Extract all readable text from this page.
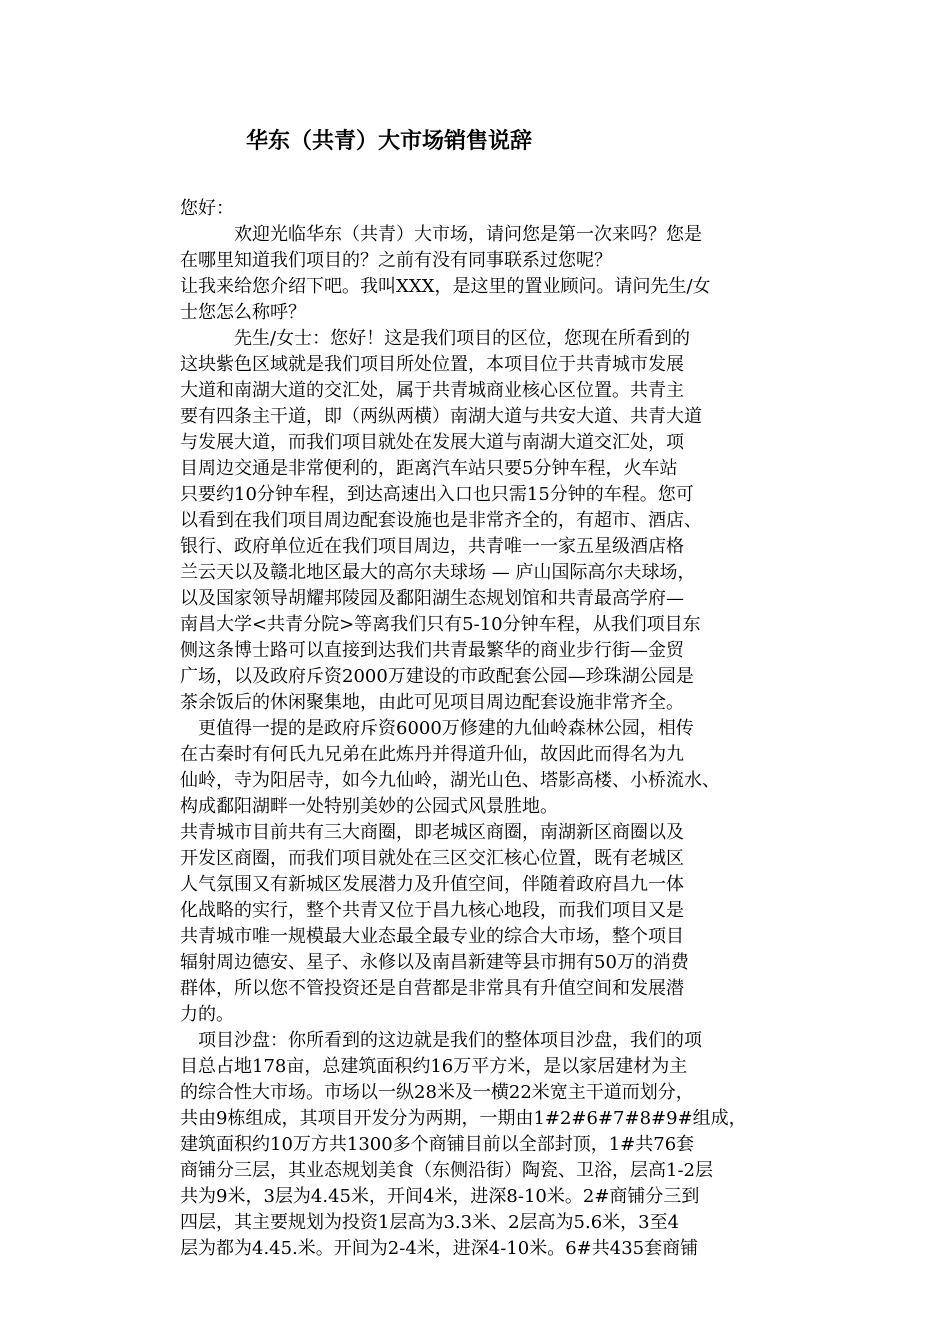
华东（共青）大市场销售说辞
您好：
　　　欢迎光临华东（共青）大市场，请问您是第一次来吗？您是
在哪里知道我们项目的？之前有没有同事联系过您呢？
让我来给您介绍下吧。我叫XXX，是这里的置业顾问。请问先生/女
士您怎么称呼？
　　　先生/女士：您好！这是我们项目的区位，您现在所看到的
这块紫色区域就是我们项目所处位置，本项目位于共青城市发展
大道和南湖大道的交汇处，属于共青城商业核心区位置。共青主
要有四条主干道，即（两纵两横）南湖大道与共安大道、共青大道
与发展大道，而我们项目就处在发展大道与南湖大道交汇处，项
目周边交通是非常便利的，距离汽车站只要5分钟车程，火车站
只要约10分钟车程，到达高速出入口也只需15分钟的车程。您可
以看到在我们项目周边配套设施也是非常齐全的，有超市、酒店、
银行、政府单位近在我们项目周边，共青唯一一家五星级酒店格
兰云天以及赣北地区最大的高尔夫球场 — 庐山国际高尔夫球场，
以及国家领导胡耀邦陵园及鄱阳湖生态规划馆和共青最高学府—
南昌大学<共青分院>等离我们只有5-10分钟车程，从我们项目东
侧这条博士路可以直接到达我们共青最繁华的商业步行街—金贸
广场，以及政府斥资2000万建设的市政配套公园—珍珠湖公园是
茶余饭后的休闲聚集地，由此可见项目周边配套设施非常齐全。
　更值得一提的是政府斥资6000万修建的九仙岭森林公园，相传
在古秦时有何氏九兄弟在此炼丹并得道升仙，故因此而得名为九
仙岭，寺为阳居寺，如今九仙岭，湖光山色、塔影高楼、小桥流水、
构成鄱阳湖畔一处特别美妙的公园式风景胜地。
共青城市目前共有三大商圈，即老城区商圈，南湖新区商圈以及
开发区商圈，而我们项目就处在三区交汇核心位置，既有老城区
人气氛围又有新城区发展潜力及升值空间，伴随着政府昌九一体
化战略的实行，整个共青又位于昌九核心地段，而我们项目又是
共青城市唯一规模最大业态最全最专业的综合大市场，整个项目
辐射周边德安、星子、永修以及南昌新建等县市拥有50万的消费
群体，所以您不管投资还是自营都是非常具有升值空间和发展潜
力的。
　项目沙盘：你所看到的这边就是我们的整体项目沙盘，我们的项
目总占地178亩，总建筑面积约16万平方米，是以家居建材为主
的综合性大市场。市场以一纵28米及一横22米宽主干道而划分，
共由9栋组成，其项目开发分为两期，一期由1#2#6#7#8#9#组成，
建筑面积约10万方共1300多个商铺目前以全部封顶，1#共76套
商铺分三层，其业态规划美食（东侧沿街）陶瓷、卫浴，层高1-2层
共为9米，3层为4.45米，开间4米，进深8-10米。2#商铺分三到
四层，其主要规划为投资1层高为3.3米、2层高为5.6米，3至4
层为都为4.45.米。开间为2-4米，进深4-10米。6#共435套商铺
